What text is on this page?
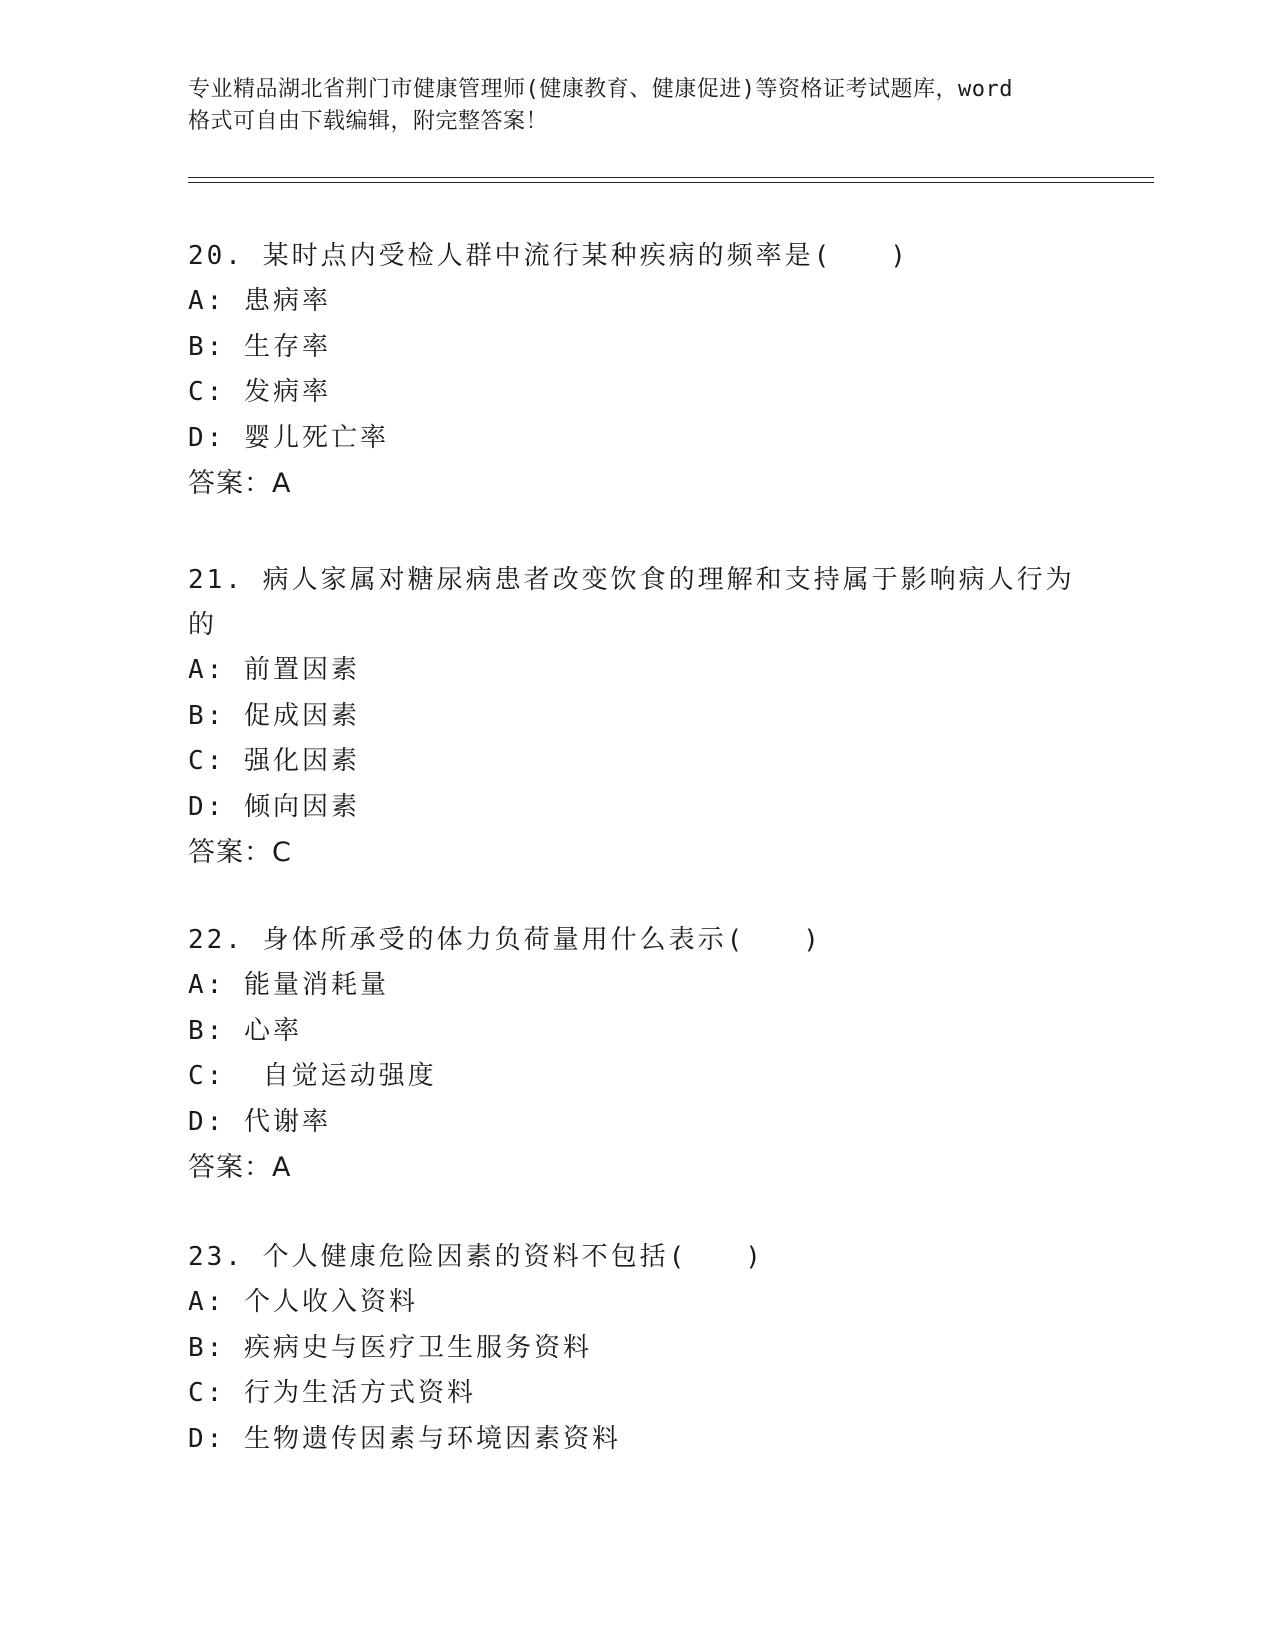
专业精品湖北省荆门市健康管理师(健康教育、健康促进)等资格证考试题库，word
格式可自由下载编辑，附完整答案！

20. 某时点内受检人群中流行某种疾病的频率是(　　)

A: 患病率

B: 生存率

C: 发病率

D: 婴儿死亡率

答案：A

21. 病人家属对糖尿病患者改变饮食的理解和支持属于影响病人行为的

A: 前置因素

B: 促成因素

C: 强化因素

D: 倾向因素

答案：C

22. 身体所承受的体力负荷量用什么表示(　　)

A: 能量消耗量

B: 心率

C:  自觉运动强度

D: 代谢率

答案：A

23. 个人健康危险因素的资料不包括(　　)

A: 个人收入资料

B: 疾病史与医疗卫生服务资料

C: 行为生活方式资料

D: 生物遗传因素与环境因素资料
